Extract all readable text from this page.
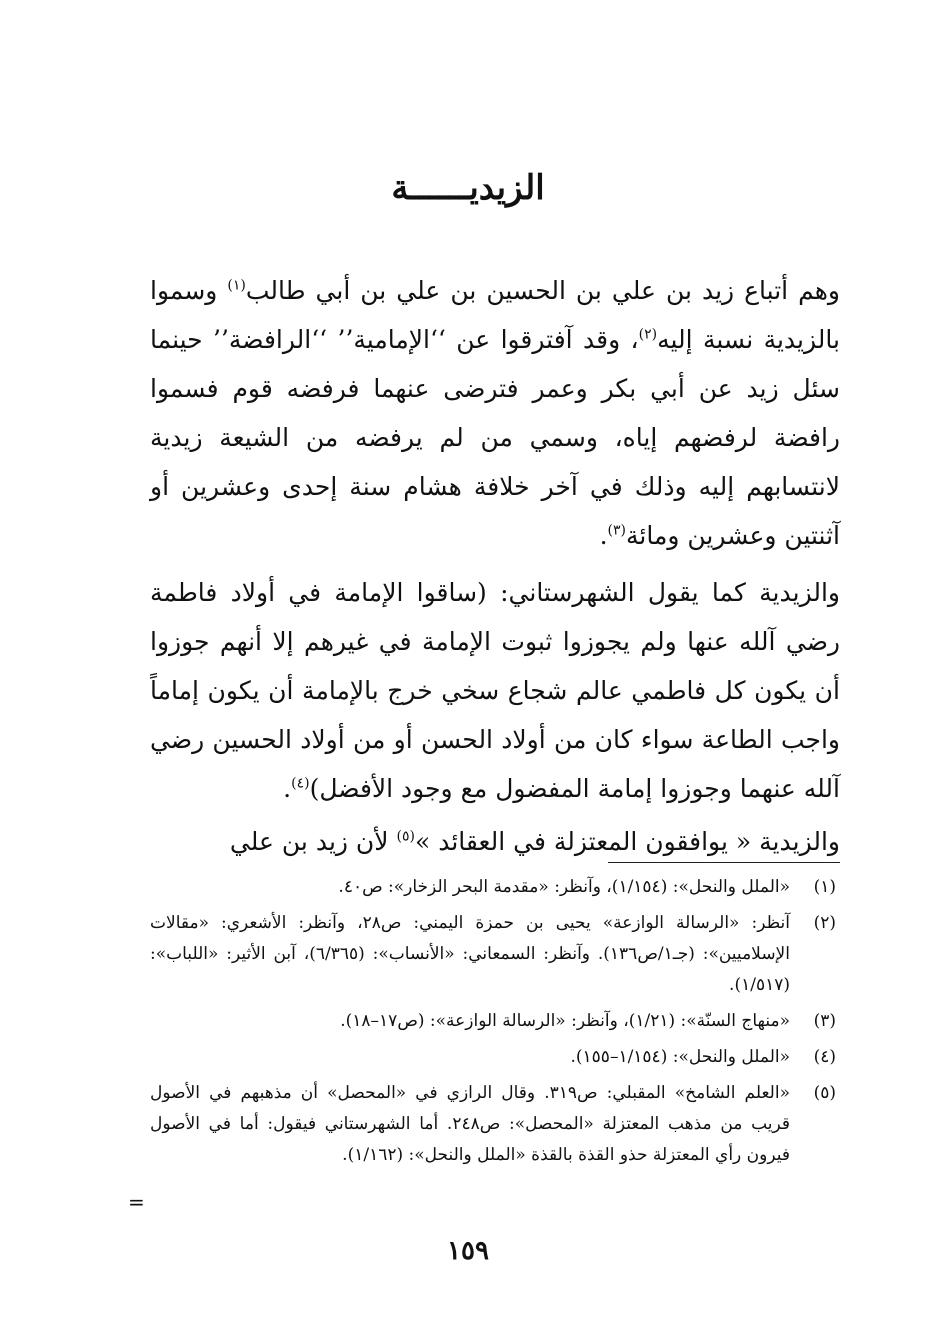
الزيديــــــة

وهم أتباع زيد بن علي بن الحسين بن علي بن أبي طالب$^{(١)}$ وسموا بالزيدية نسبة إليه$^{(٢)}$، وقد آفترقوا عن ‘‘الإمامية’’ ‘‘الرافضة’’ حينما سئل زيد عن أبي بكر وعمر فترضى عنهما فرفضه قوم فسموا رافضة لرفضهم إياه، وسمي من لم يرفضه من الشيعة زيدية لانتسابهم إليه وذلك في آخر خلافة هشام سنة إحدى وعشرين أو آثنتين وعشرين ومائة$^{(٣)}$.

والزيدية كما يقول الشهرستاني: (ساقوا الإمامة في أولاد فاطمة رضي آلله عنها ولم يجوزوا ثبوت الإمامة في غيرهم إلا أنهم جوزوا أن يكون كل فاطمي عالم شجاع سخي خرج بالإمامة أن يكون إماماً واجب الطاعة سواء كان من أولاد الحسن أو من أولاد الحسين رضي آلله عنهما وجوزوا إمامة المفضول مع وجود الأفضل)$^{(٤)}$.

والزيدية « يوافقون المعتزلة في العقائد »$^{(٥)}$ لأن زيد بن علي

(١)
«الملل والنحل»: (١/١٥٤)، وآنظر: «مقدمة البحر الزخار»: ص٤٠.
(٢)
آنظر: «الرسالة الوازعة» يحيى بن حمزة اليمني: ص٢٨، وآنظر: الأشعري: «مقالات الإسلاميين»: (جـ١/ص١٣٦). وآنظر: السمعاني: «الأنساب»: (٦/٣٦٥)، آبن الأثير: «اللباب»: (١/٥١٧).
(٣)
«منهاج السنّة»: (١/٢١)، وآنظر: «الرسالة الوازعة»: (ص١٧–١٨).
(٤)
«الملل والنحل»: (١/١٥٤–١٥٥).
(٥)
«العلم الشامخ» المقبلي: ص٣١٩. وقال الرازي في «المحصل» أن مذهبهم في الأصول قريب من مذهب المعتزلة «المحصل»: ص٢٤٨. أما الشهرستاني فيقول: أما في الأصول فيرون رأي المعتزلة حذو القذة بالقذة «الملل والنحل»: (١/١٦٢).
=
١٥٩
